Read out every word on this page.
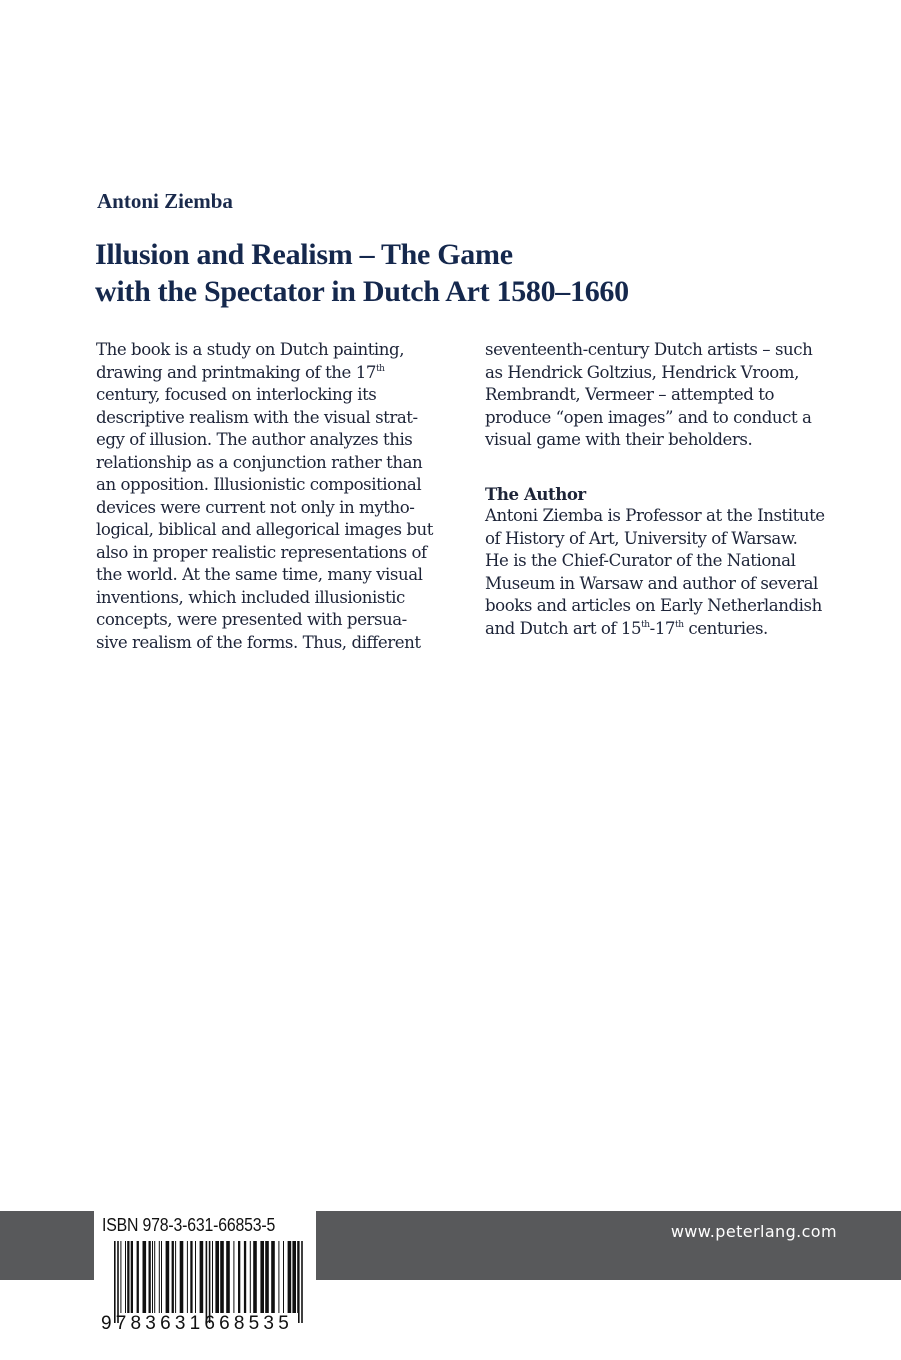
Antoni Ziemba
Illusion and Realism – The Game
with the Spectator in Dutch Art 1580–1660
The book is a study on Dutch painting,
drawing and printmaking of the 17th
century, focused on interlocking its
descriptive realism with the visual strat-
egy of illusion. The author analyzes this
relationship as a conjunction rather than
an opposition. Illusionistic compositional
devices were current not only in mytho-
logical, biblical and allegorical images but
also in proper realistic representations of
the world. At the same time, many visual
inventions, which included illusionistic
concepts, were presented with persua-
sive realism of the forms. Thus, different
seventeenth-century Dutch artists – such
as Hendrick Goltzius, Hendrick Vroom,
Rembrandt, Vermeer – attempted to
produce “open images” and to conduct a
visual game with their beholders.
The Author
Antoni Ziemba is Professor at the Institute
of History of Art, University of Warsaw.
He is the Chief-Curator of the National
Museum in Warsaw and author of several
books and articles on Early Netherlandish
and Dutch art of 15th-17th centuries.
www.peterlang.com
ISBN 978-3-631-66853-5
9783631668535
